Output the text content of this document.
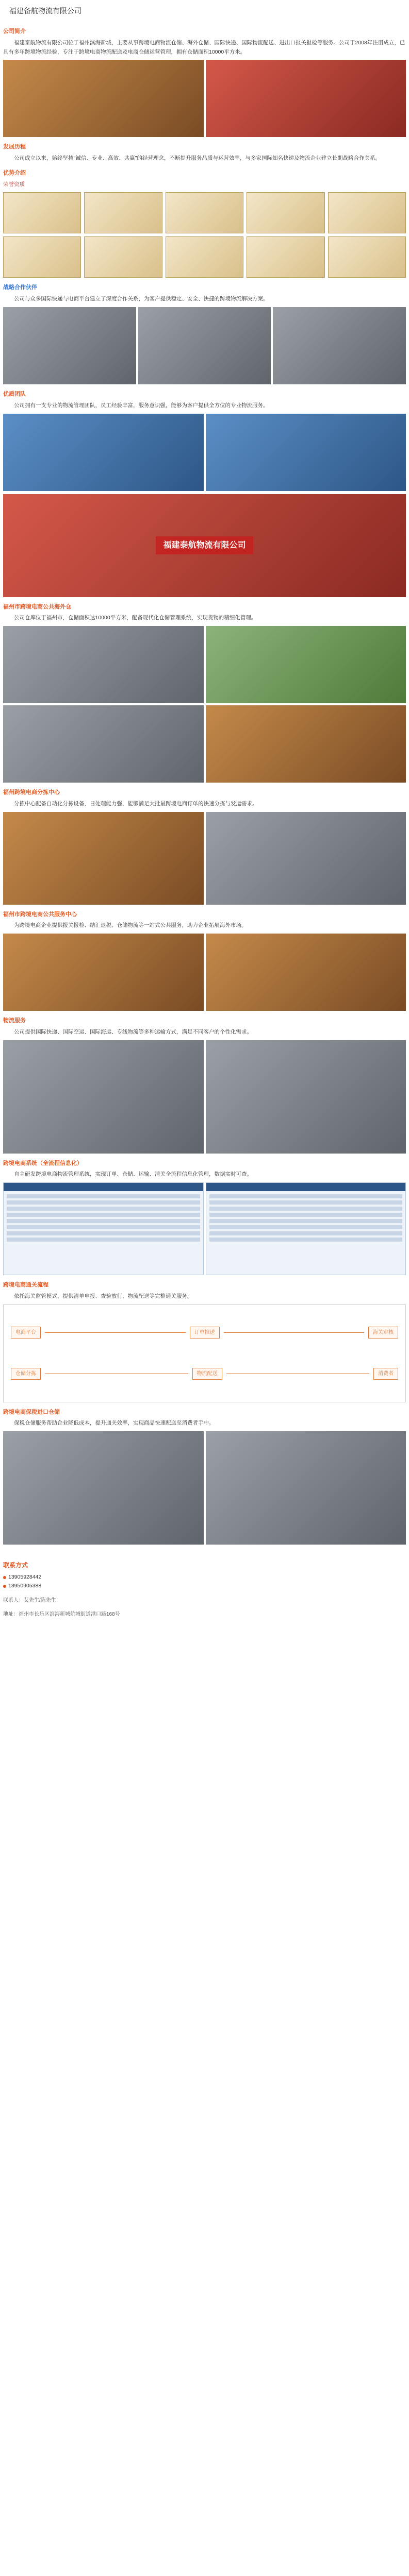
福建备航物流有限公司
公司简介

福建泰航物流有限公司位于福州滨海新城，主要从事跨境电商物流仓储、海外仓储、国际快递、国际物流配送、进出口报关报检等服务。公司于2008年注册成立，已具有多年跨境物流经验，专注于跨境电商物流配送及电商仓储运营管理，拥有仓储面积10000平方米。

发展历程

公司成立以来，始终坚持"诚信、专业、高效、共赢"的经营理念，不断提升服务品质与运营效率，与多家国际知名快递及物流企业建立长期战略合作关系。

优势介绍

荣誉资质

战略合作伙伴

公司与众多国际快递与电商平台建立了深度合作关系，为客户提供稳定、安全、快捷的跨境物流解决方案。

优质团队

公司拥有一支专业的物流管理团队，员工经验丰富，服务意识强，能够为客户提供全方位的专业物流服务。

福建泰航物流有限公司
福州市跨境电商公共海外仓

公司仓库位于福州市，仓储面积达10000平方米，配备现代化仓储管理系统，实现货物的精细化管理。

福州跨境电商分拣中心

分拣中心配备自动化分拣设备，日处理能力强，能够满足大批量跨境电商订单的快速分拣与发运需求。

福州市跨境电商公共服务中心

为跨境电商企业提供报关报检、结汇退税、仓储物流等一站式公共服务，助力企业拓展海外市场。

物流服务

公司提供国际快递、国际空运、国际海运、专线物流等多种运输方式，满足不同客户的个性化需求。

跨境电商系统（全流程信息化）

自主研发跨境电商物流管理系统，实现订单、仓储、运输、清关全流程信息化管理，数据实时可查。

跨境电商通关流程

依托海关监管模式，提供清单申报、查验放行、物流配送等完整通关服务。

电商平台	订单推送	海关审核
仓储分拣	物流配送	消费者
跨境电商保税进口仓储

保税仓储服务帮助企业降低成本，提升通关效率，实现商品快速配送至消费者手中。

联系方式
13905928442
13950905388
联系人：艾先生/陈先生
地址：福州市长乐区滨海新城航城街道港口路168号
